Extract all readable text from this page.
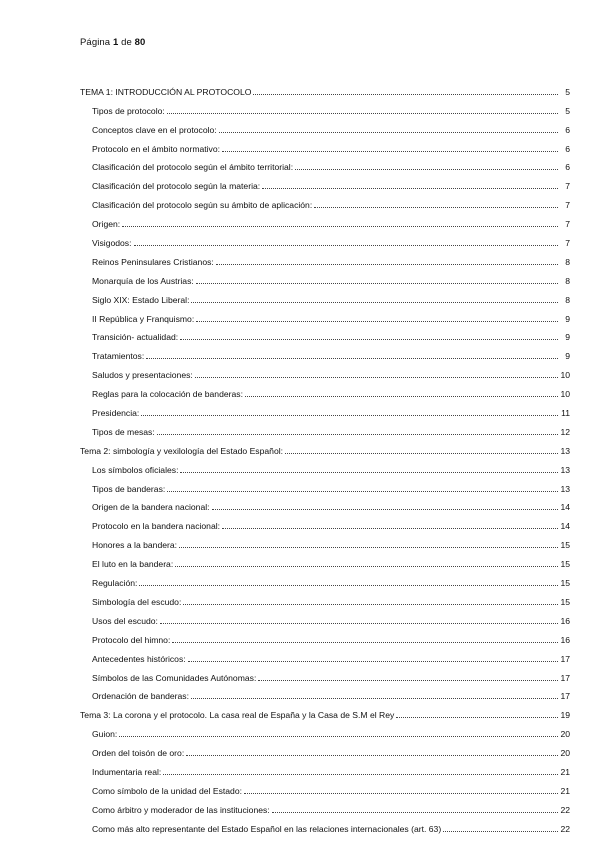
Página 1 de 80
TEMA 1: INTRODUCCIÓN AL PROTOCOLO	5
Tipos de protocolo:	5
Conceptos clave en el protocolo:	6
Protocolo en el ámbito normativo:	6
Clasificación del protocolo según el ámbito territorial:	6
Clasificación del protocolo según la materia:	7
Clasificación del protocolo según su ámbito de aplicación:	7
Origen:	7
Visigodos:	7
Reinos Peninsulares Cristianos:	8
Monarquía de los Austrias:	8
Siglo XIX: Estado Liberal:	8
II República y Franquismo:	9
Transición- actualidad:	9
Tratamientos:	9
Saludos y presentaciones:	10
Reglas para la colocación de banderas:	10
Presidencia:	11
Tipos de mesas:	12
Tema 2: simbología y vexilología del Estado Español:	13
Los símbolos oficiales:	13
Tipos de banderas:	13
Origen de la bandera nacional:	14
Protocolo en la bandera nacional:	14
Honores a la bandera:	15
El luto en la bandera:	15
Regulación:	15
Simbología del escudo:	15
Usos del escudo:	16
Protocolo del himno:	16
Antecedentes históricos:	17
Símbolos de las Comunidades Autónomas:	17
Ordenación de banderas:	17
Tema 3: La corona y el protocolo. La casa real de España y la Casa de S.M el Rey	19
Guion:	20
Orden del toisón de oro:	20
Indumentaria real:	21
Como símbolo de la unidad del Estado:	21
Como árbitro y moderador de las instituciones:	22
Como más alto representante del Estado Español en las relaciones internacionales (art. 63)	22
